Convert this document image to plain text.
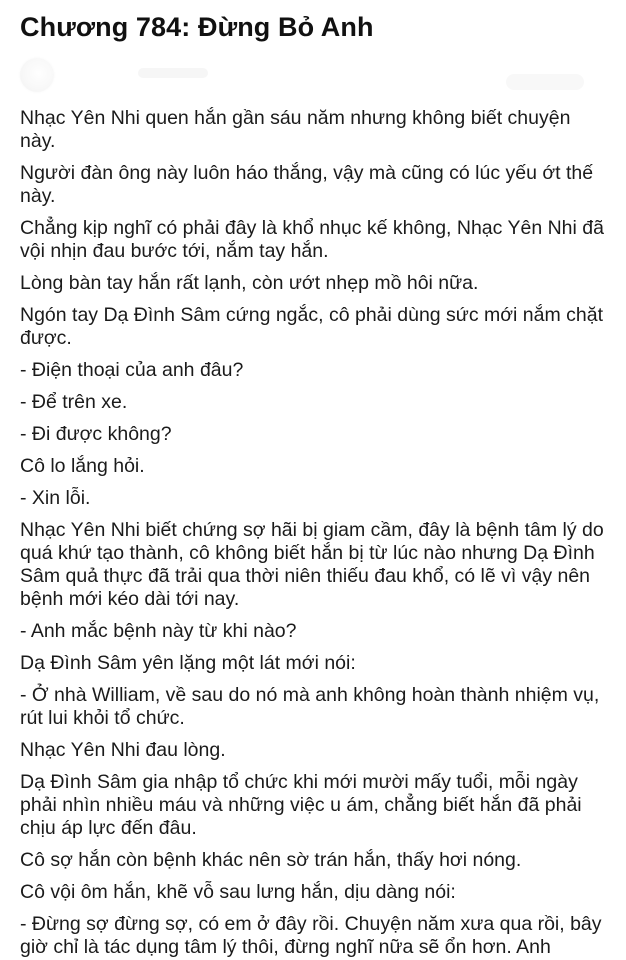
Chương 784: Đừng Bỏ Anh

Nhạc Yên Nhi quen hắn gần sáu năm nhưng không biết chuyện này.

Người đàn ông này luôn háo thắng, vậy mà cũng có lúc yếu ớt thế này.

Chẳng kịp nghĩ có phải đây là khổ nhục kế không, Nhạc Yên Nhi đã vội nhịn đau bước tới, nắm tay hắn.

Lòng bàn tay hắn rất lạnh, còn ướt nhẹp mồ hôi nữa.

Ngón tay Dạ Đình Sâm cứng ngắc, cô phải dùng sức mới nắm chặt được.

- Điện thoại của anh đâu?

- Để trên xe.

- Đi được không?

Cô lo lắng hỏi.

- Xin lỗi.

Nhạc Yên Nhi biết chứng sợ hãi bị giam cầm, đây là bệnh tâm lý do quá khứ tạo thành, cô không biết hắn bị từ lúc nào nhưng Dạ Đình Sâm quả thực đã trải qua thời niên thiếu đau khổ, có lẽ vì vậy nên bệnh mới kéo dài tới nay.

- Anh mắc bệnh này từ khi nào?

Dạ Đình Sâm yên lặng một lát mới nói:

- Ở nhà William, về sau do nó mà anh không hoàn thành nhiệm vụ, rút lui khỏi tổ chức.

Nhạc Yên Nhi đau lòng.

Dạ Đình Sâm gia nhập tổ chức khi mới mười mấy tuổi, mỗi ngày phải nhìn nhiều máu và những việc u ám, chẳng biết hắn đã phải chịu áp lực đến đâu.

Cô sợ hắn còn bệnh khác nên sờ trán hắn, thấy hơi nóng.

Cô vội ôm hắn, khẽ vỗ sau lưng hắn, dịu dàng nói:

- Đừng sợ đừng sợ, có em ở đây rồi. Chuyện năm xưa qua rồi, bây giờ chỉ là tác dụng tâm lý thôi, đừng nghĩ nữa sẽ ổn hơn. Anh
